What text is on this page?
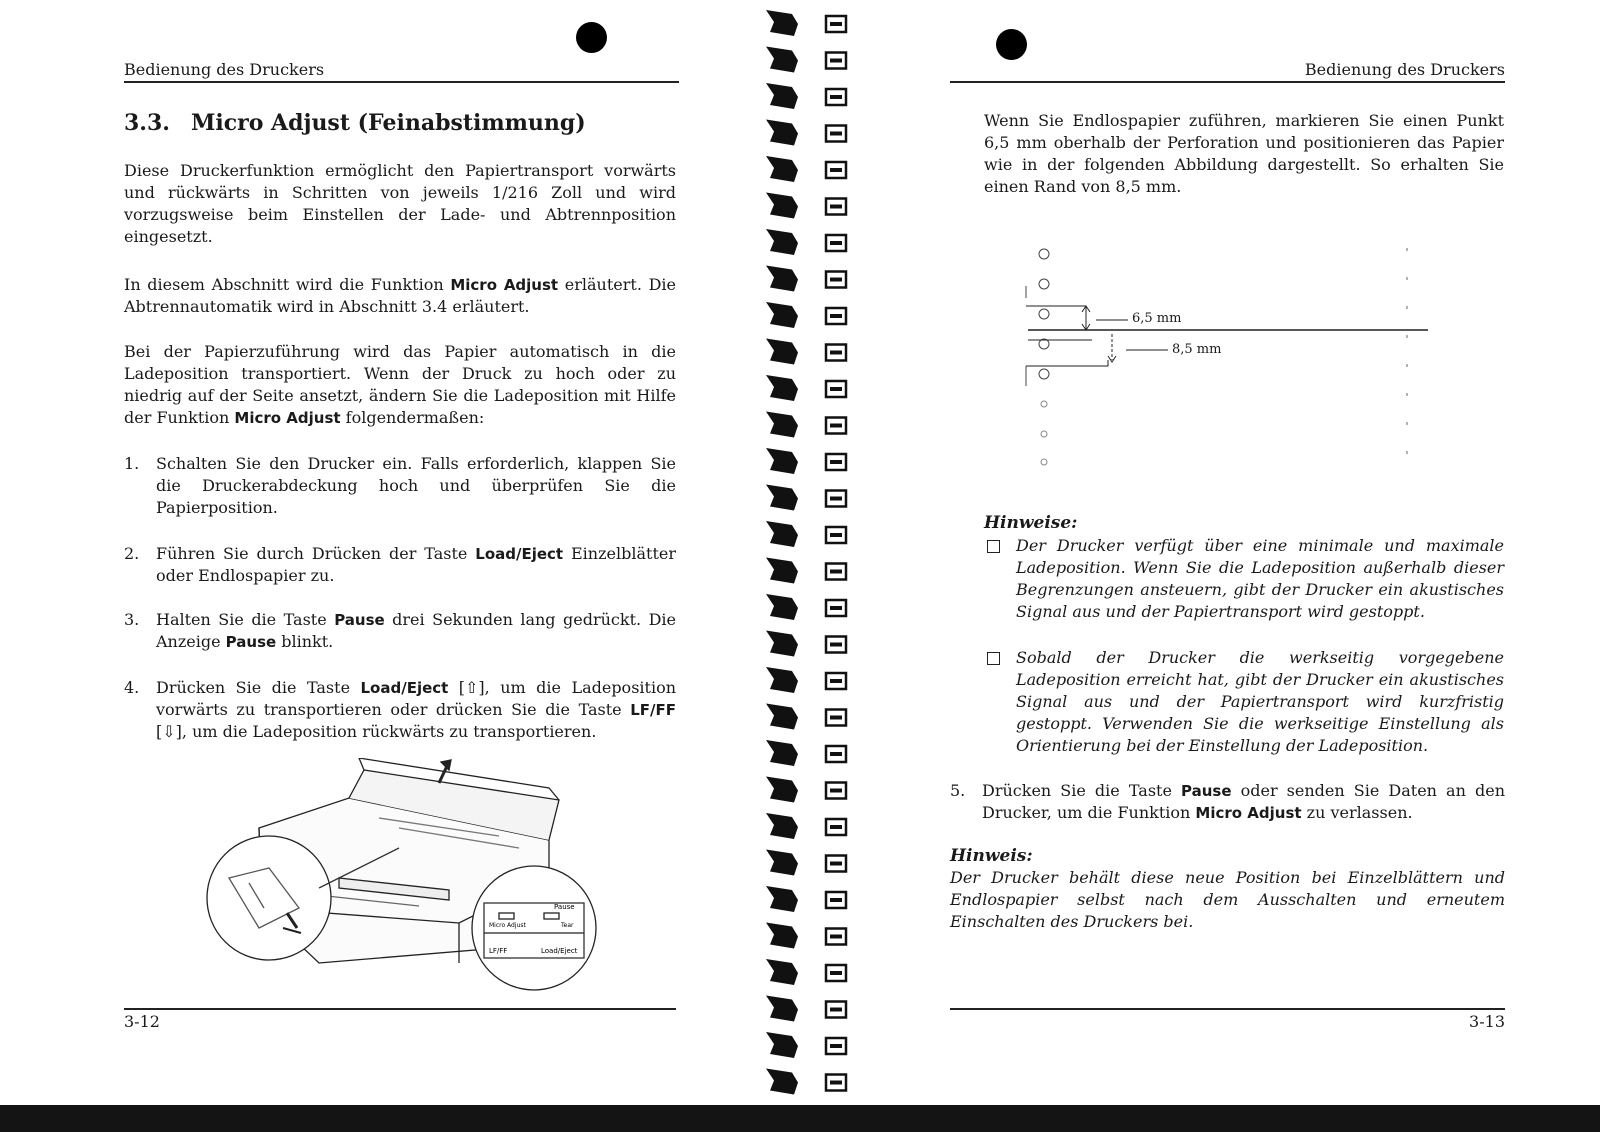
Bedienung des Druckers
3.3. Micro Adjust (Feinabstimmung)

Diese Druckerfunktion ermöglicht den Papiertransport vorwärts und rückwärts in Schritten von jeweils 1/216 Zoll und wird vorzugsweise beim Einstellen der Lade- und Abtrennposition eingesetzt.

In diesem Abschnitt wird die Funktion Micro Adjust erläutert. Die Abtrennautomatik wird in Abschnitt 3.4 erläutert.

Bei der Papierzuführung wird das Papier automatisch in die Ladeposition transportiert. Wenn der Druck zu hoch oder zu niedrig auf der Seite ansetzt, ändern Sie die Ladeposition mit Hilfe der Funktion Micro Adjust folgendermaßen:

1. Schalten Sie den Drucker ein. Falls erforderlich, klappen Sie die Druckerabdeckung hoch und überprüfen Sie die Papierposition.
2. Führen Sie durch Drücken der Taste Load/Eject Einzelblätter oder Endlospapier zu.
3. Halten Sie die Taste Pause drei Sekunden lang gedrückt. Die Anzeige Pause blinkt.
4. Drücken Sie die Taste Load/Eject [⇧], um die Ladeposition vorwärts zu transportieren oder drücken Sie die Taste LF/FF [⇩], um die Ladeposition rückwärts zu transportieren.
Pause
Micro Adjust	Tear
LF/FF	Load/Eject
3-12
Bedienung des Druckers

Wenn Sie Endlospapier zuführen, markieren Sie einen Punkt 6,5 mm oberhalb der Perforation und positionieren das Papier wie in der folgenden Abbildung dargestellt. So erhalten Sie einen Rand von 8,5 mm.

6,5 mm
8,5 mm
Hinweise:
Der Drucker verfügt über eine minimale und maximale Ladeposition. Wenn Sie die Ladeposition außerhalb dieser Begrenzungen ansteuern, gibt der Drucker ein akustisches Signal aus und der Papiertransport wird gestoppt.
Sobald der Drucker die werkseitig vorgegebene Ladeposition erreicht hat, gibt der Drucker ein akustisches Signal aus und der Papiertransport wird kurzfristig gestoppt. Verwenden Sie die werkseitige Einstellung als Orientierung bei der Einstellung der Ladeposition.
5. Drücken Sie die Taste Pause oder senden Sie Daten an den Drucker, um die Funktion Micro Adjust zu verlassen.
Hinweis:

Der Drucker behält diese neue Position bei Einzelblättern und Endlospapier selbst nach dem Ausschalten und erneutem Einschalten des Druckers bei.

3-13
